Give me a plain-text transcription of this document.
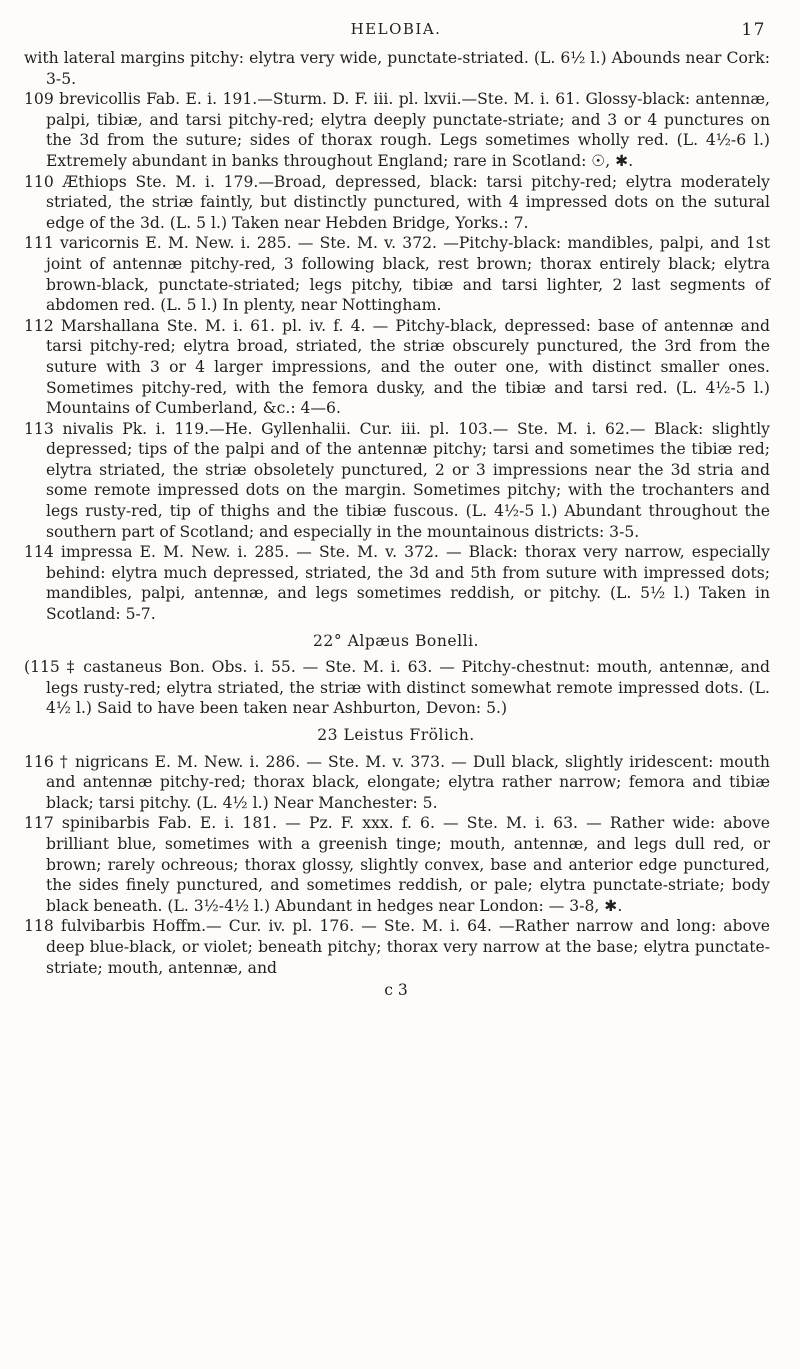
HELOBIA.	17

with lateral margins pitchy: elytra very wide, punctate-striated. (L. 6½ l.) Abounds near Cork: 3-5.

109 brevicollis Fab. E. i. 191.—Sturm. D. F. iii. pl. lxvii.—Ste. M. i. 61. Glossy-black: antennæ, palpi, tibiæ, and tarsi pitchy-red; elytra deeply punctate-striate; and 3 or 4 punctures on the 3d from the suture; sides of thorax rough. Legs sometimes wholly red. (L. 4½-6 l.) Extremely abundant in banks throughout England; rare in Scotland: ☉, ✱.

110 Æthiops Ste. M. i. 179.—Broad, depressed, black: tarsi pitchy-red; elytra moderately striated, the striæ faintly, but distinctly punctured, with 4 impressed dots on the sutural edge of the 3d. (L. 5 l.) Taken near Hebden Bridge, Yorks.: 7.

111 varicornis E. M. New. i. 285. — Ste. M. v. 372. —Pitchy-black: mandibles, palpi, and 1st joint of antennæ pitchy-red, 3 following black, rest brown; thorax entirely black; elytra brown-black, punctate-striated; legs pitchy, tibiæ and tarsi lighter, 2 last segments of abdomen red. (L. 5 l.) In plenty, near Nottingham.

112 Marshallana Ste. M. i. 61. pl. iv. f. 4. — Pitchy-black, depressed: base of antennæ and tarsi pitchy-red; elytra broad, striated, the striæ obscurely punctured, the 3rd from the suture with 3 or 4 larger impressions, and the outer one, with distinct smaller ones. Sometimes pitchy-red, with the femora dusky, and the tibiæ and tarsi red. (L. 4½-5 l.) Mountains of Cumberland, &c.: 4—6.

113 nivalis Pk. i. 119.—He. Gyllenhalii. Cur. iii. pl. 103.— Ste. M. i. 62.— Black: slightly depressed; tips of the palpi and of the antennæ pitchy; tarsi and sometimes the tibiæ red; elytra striated, the striæ obsoletely punctured, 2 or 3 impressions near the 3d stria and some remote impressed dots on the margin. Sometimes pitchy; with the trochanters and legs rusty-red, tip of thighs and the tibiæ fuscous. (L. 4½-5 l.) Abundant throughout the southern part of Scotland; and especially in the mountainous districts: 3-5.

114 impressa E. M. New. i. 285. — Ste. M. v. 372. — Black: thorax very narrow, especially behind: elytra much depressed, striated, the 3d and 5th from suture with impressed dots; mandibles, palpi, antennæ, and legs sometimes reddish, or pitchy. (L. 5½ l.) Taken in Scotland: 5-7.

22° Alpæus Bonelli.

(115 ‡ castaneus Bon. Obs. i. 55. — Ste. M. i. 63. — Pitchy-chestnut: mouth, antennæ, and legs rusty-red; elytra striated, the striæ with distinct somewhat remote impressed dots. (L. 4½ l.) Said to have been taken near Ashburton, Devon: 5.)

23 Leistus Frölich.

116 † nigricans E. M. New. i. 286. — Ste. M. v. 373. — Dull black, slightly iridescent: mouth and antennæ pitchy-red; thorax black, elongate; elytra rather narrow; femora and tibiæ black; tarsi pitchy. (L. 4½ l.) Near Manchester: 5.

117 spinibarbis Fab. E. i. 181. — Pz. F. xxx. f. 6. — Ste. M. i. 63. — Rather wide: above brilliant blue, sometimes with a greenish tinge; mouth, antennæ, and legs dull red, or brown; rarely ochreous; thorax glossy, slightly convex, base and anterior edge punctured, the sides finely punctured, and sometimes reddish, or pale; elytra punctate-striate; body black beneath. (L. 3½-4½ l.) Abundant in hedges near London: — 3-8, ✱.

118 fulvibarbis Hoffm.— Cur. iv. pl. 176. — Ste. M. i. 64. —Rather narrow and long: above deep blue-black, or violet; beneath pitchy; thorax very narrow at the base; elytra punctate-striate; mouth, antennæ, and

c 3
